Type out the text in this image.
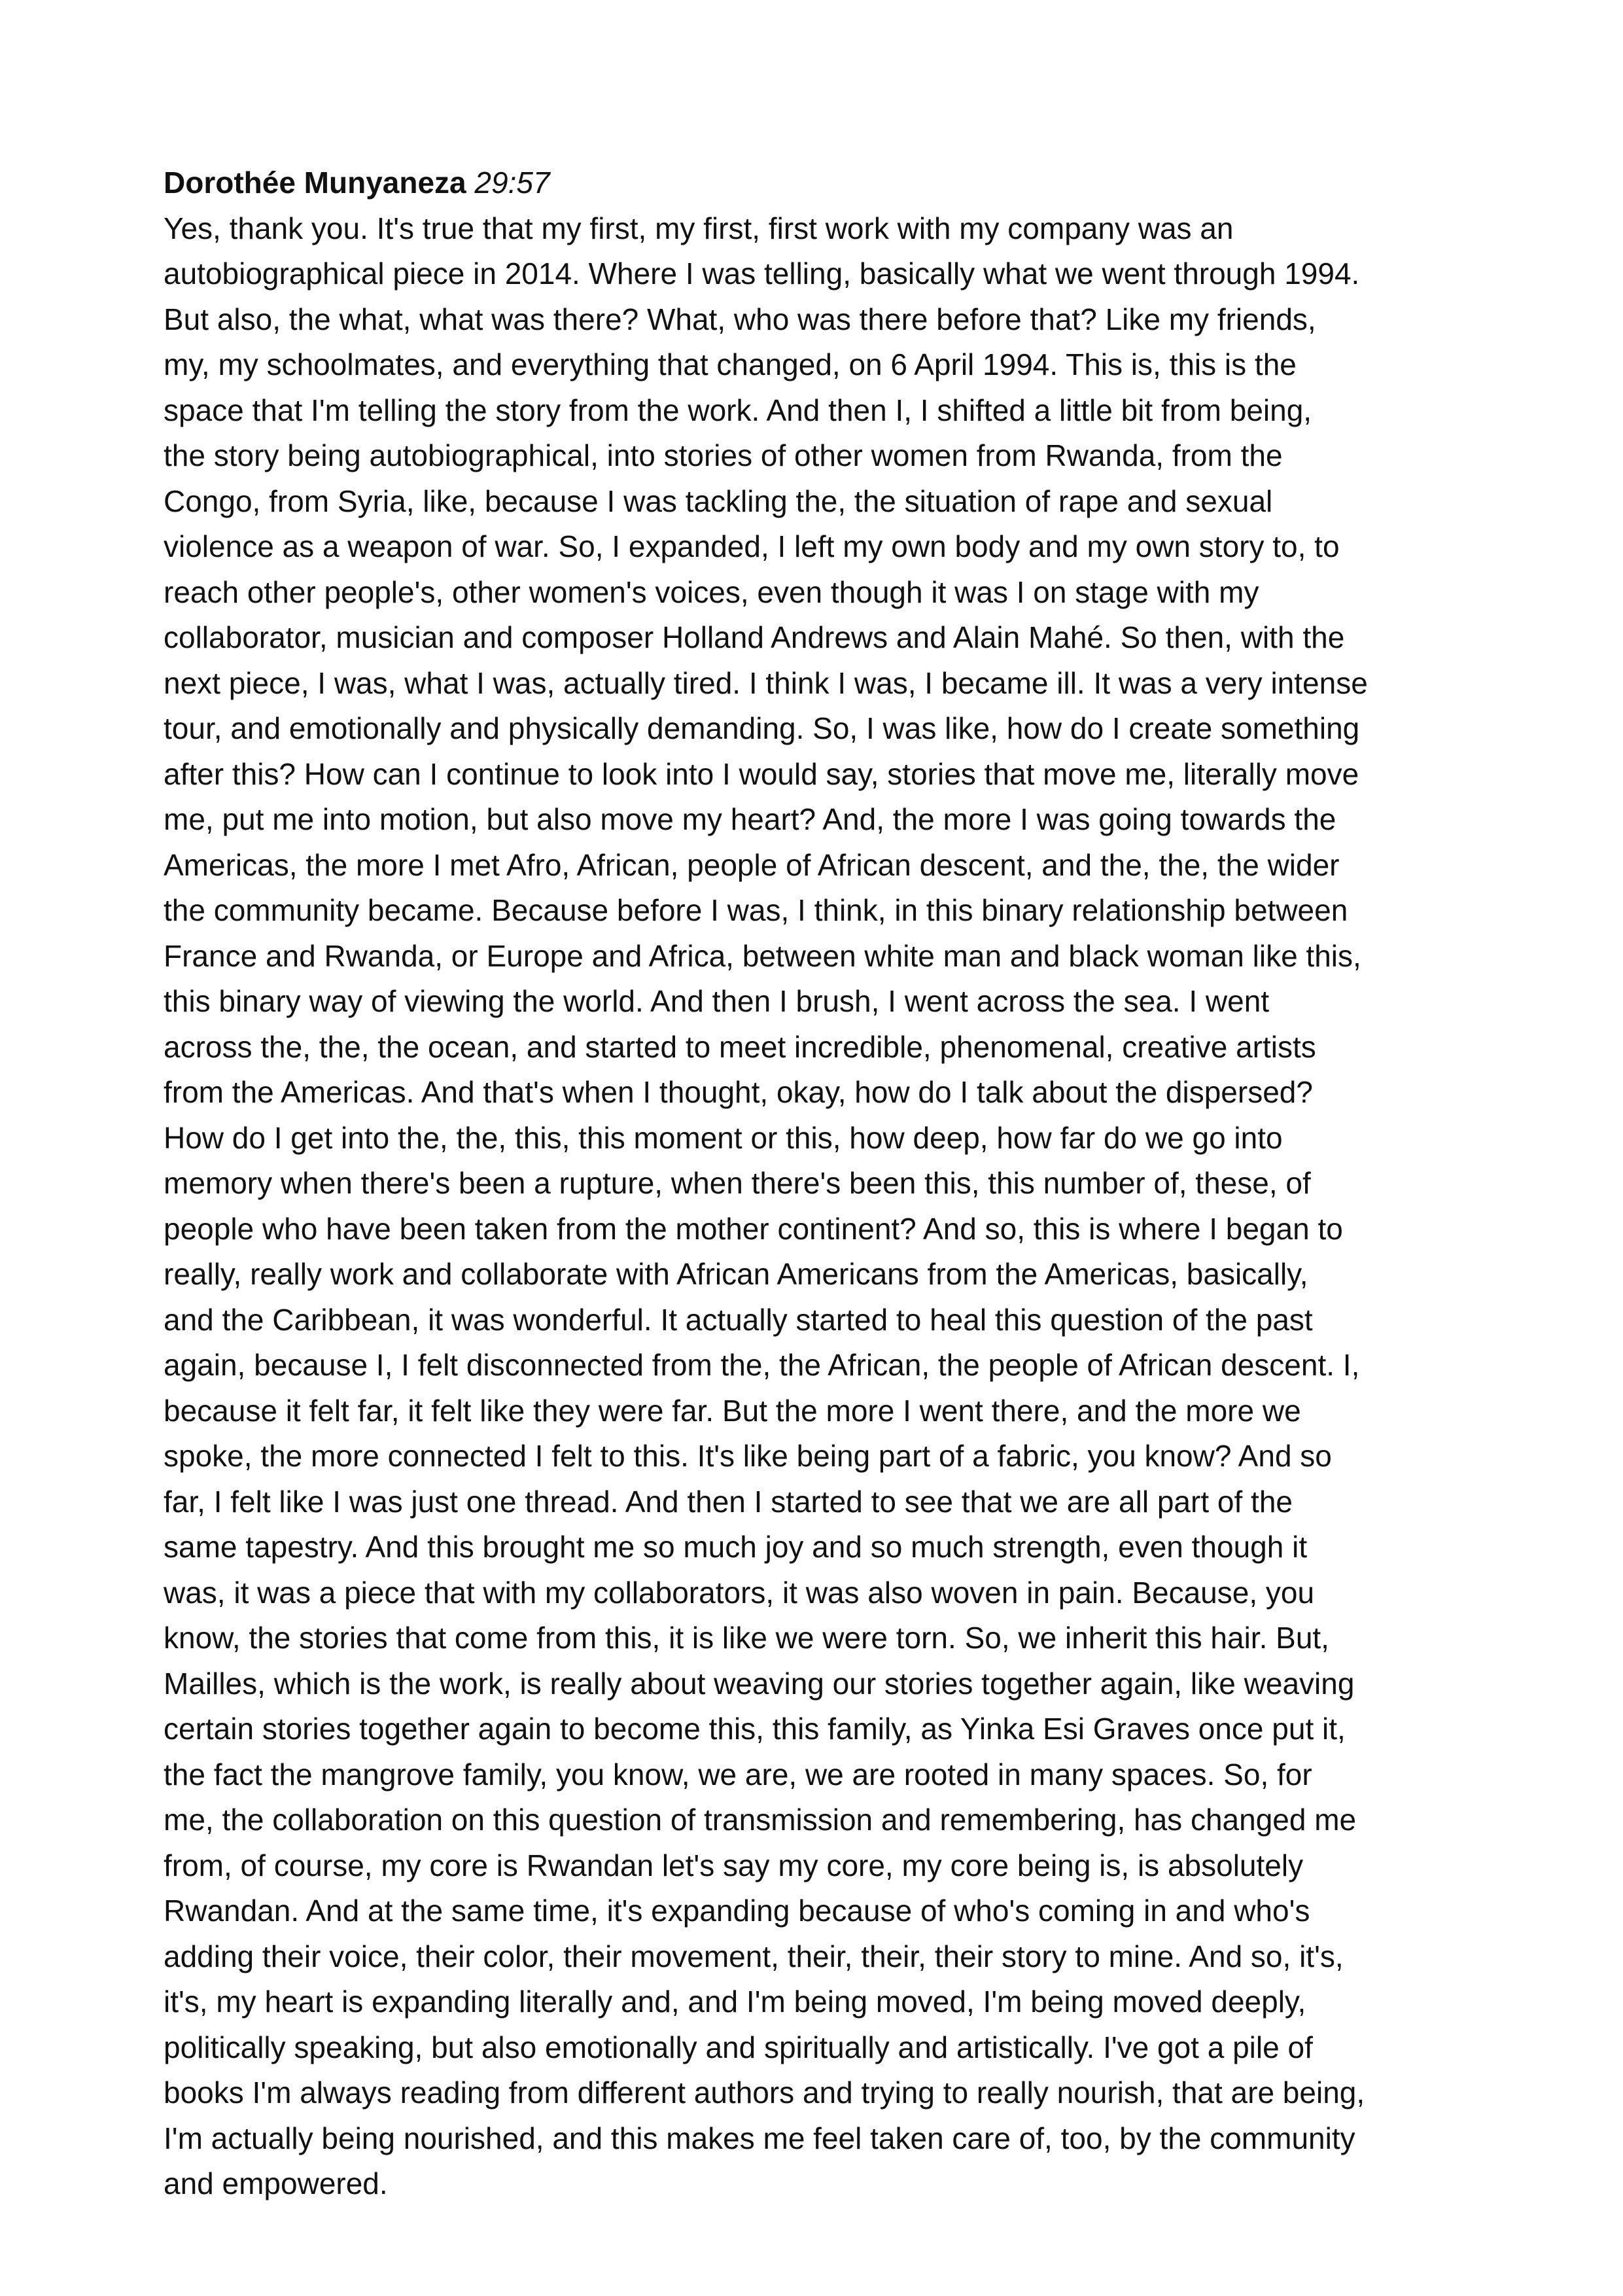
Dorothée Munyaneza 29:57
Yes, thank you. It's true that my first, my first, first work with my company was an
autobiographical piece in 2014. Where I was telling, basically what we went through 1994.
But also, the what, what was there? What, who was there before that? Like my friends,
my, my schoolmates, and everything that changed, on 6 April 1994. This is, this is the
space that I'm telling the story from the work. And then I, I shifted a little bit from being,
the story being autobiographical, into stories of other women from Rwanda, from the
Congo, from Syria, like, because I was tackling the, the situation of rape and sexual
violence as a weapon of war. So, I expanded, I left my own body and my own story to, to
reach other people's, other women's voices, even though it was I on stage with my
collaborator, musician and composer Holland Andrews and Alain Mahé. So then, with the
next piece, I was, what I was, actually tired. I think I was, I became ill. It was a very intense
tour, and emotionally and physically demanding. So, I was like, how do I create something
after this? How can I continue to look into I would say, stories that move me, literally move
me, put me into motion, but also move my heart? And, the more I was going towards the
Americas, the more I met Afro, African, people of African descent, and the, the, the wider
the community became. Because before I was, I think, in this binary relationship between
France and Rwanda, or Europe and Africa, between white man and black woman like this,
this binary way of viewing the world. And then I brush, I went across the sea. I went
across the, the, the ocean, and started to meet incredible, phenomenal, creative artists
from the Americas. And that's when I thought, okay, how do I talk about the dispersed?
How do I get into the, the, this, this moment or this, how deep, how far do we go into
memory when there's been a rupture, when there's been this, this number of, these, of
people who have been taken from the mother continent? And so, this is where I began to
really, really work and collaborate with African Americans from the Americas, basically,
and the Caribbean, it was wonderful. It actually started to heal this question of the past
again, because I, I felt disconnected from the, the African, the people of African descent. I,
because it felt far, it felt like they were far. But the more I went there, and the more we
spoke, the more connected I felt to this. It's like being part of a fabric, you know? And so
far, I felt like I was just one thread. And then I started to see that we are all part of the
same tapestry. And this brought me so much joy and so much strength, even though it
was, it was a piece that with my collaborators, it was also woven in pain. Because, you
know, the stories that come from this, it is like we were torn. So, we inherit this hair. But,
Mailles, which is the work, is really about weaving our stories together again, like weaving
certain stories together again to become this, this family, as Yinka Esi Graves once put it,
the fact the mangrove family, you know, we are, we are rooted in many spaces. So, for
me, the collaboration on this question of transmission and remembering, has changed me
from, of course, my core is Rwandan let's say my core, my core being is, is absolutely
Rwandan. And at the same time, it's expanding because of who's coming in and who's
adding their voice, their color, their movement, their, their, their story to mine. And so, it's,
it's, my heart is expanding literally and, and I'm being moved, I'm being moved deeply,
politically speaking, but also emotionally and spiritually and artistically. I've got a pile of
books I'm always reading from different authors and trying to really nourish, that are being,
I'm actually being nourished, and this makes me feel taken care of, too, by the community
and empowered.
